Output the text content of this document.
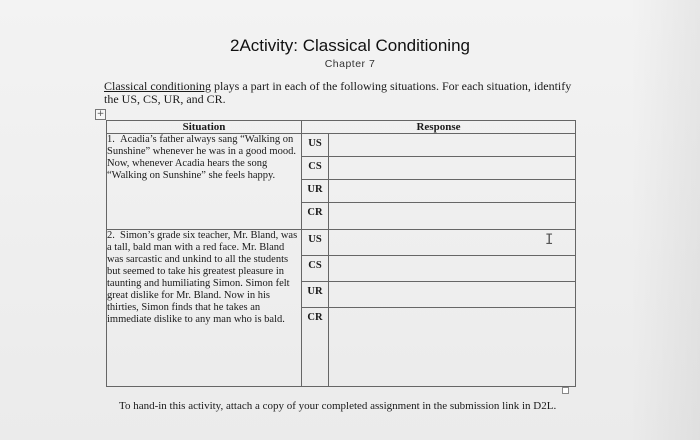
2Activity: Classical Conditioning
Chapter 7
Classical conditioning plays a part in each of the following situations. For each situation, identify the US, CS, UR, and CR.
+
Situation	Response	
1. Acadia’s father always sang “Walking on Sunshine” whenever he was in a good mood. Now, whenever Acadia hears the song “Walking on Sunshine” she feels happy.	US	

	CS	

	UR	

	CR	

2. Simon’s grade six teacher, Mr. Bland, was a tall, bald man with a red face. Mr. Bland was sarcastic and unkind to all the students but seemed to take his greatest pleasure in taunting and humiliating Simon. Simon felt great dislike for Mr. Bland. Now in his thirties, Simon finds that he takes an immediate dislike to any man who is bald.	US	

	CS	

	UR	

	CR	

I
To hand-in this activity, attach a copy of your completed assignment in the submission link in D2L.
